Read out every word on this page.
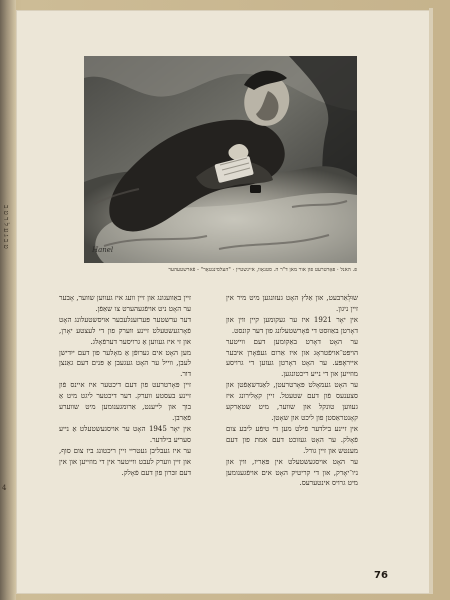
ט ב ג ע ל ר ט ב
4
Hanel
פ. האנל · פּאָרטרעט פון אור מאן ד"ר ה. סטנאָוו, איינשטיין · "העלסינגטאָר" - פֿארשטעהער

שוּלְאַרבעט, און אַלץ האָט געזונגען מיט מיר אין זיין ניגון.

אין יאָר 1921 איז ער געקומען קיין ווין און דאָרטן באַווּסט די פֿאָרשטעלונג פון דער קונסט.

ער האָט דאָרט באַקומען דעם ווייטער הויפּט־אויפֿטראָג און איז אַרום געפֿאָרן איבער אייראָפּע. ער האָט דאָרטן געזען די גרויסע מוזייען און די נייע ריכטונגען.

ער האָט געמאָלט פּאָרטרעטן, לאַנדשאַפֿטן און סצענעס פֿון דעם שטעטל. זיין קאָלירונג איז געווען טונקל און שווער, מיט שטאַרקע קאָנטראַסטן פון ליכט און שאָטן.

אין זיינע בילדער פֿילט מען די טיפֿע ליבע צום פֿאָלק. ער האָט געזוכט דעם אמת פון דעם מענטש און זיין גורל.

ער האָט אויסגעשטעלט אין פּאַריז, ווין און ניו־יאָרק, און די קריטיק האָט אים אויפֿגענומען מיט גרויס אינטערעס.

זיין באַוועגונג און זיין וועג איז געווען שווער, אָבער ער האָט ניט אויפֿגעהערט צו שאַפֿן.

דער ערשטער פּערזענלעכער אויסשטעלונג האָט פֿאָרגעשטעלט זיינע ווערק פון די לעצטע יאָרן, און זי איז געווען אַ גרויסער דערפֿאָלג.

מען האָט אים גערופֿן אַ מאָלער פון דעם ייִדישן לעבן, ווייל ער האָט געגעבן אַ פּנים דעם גאַנצן דור.

זיין פּאָרטרעט פון דעם דיכטער איז איינס פֿון זיינע בעסטע ווערק. דער דיכטער ליגט מיט אַ בוך און לייענט, אַרומגענומען מיט שווערע פֿאַרבן.

אין יאָר 1945 האָט ער אויסגעשטעלט אַ נייע סעריע בילדער.

ער איז געבליבן געטריי זיין ריכטונג ביז צום סוף, און זיין ווערק לעבט ווייטער אין די מוזייען און אין דעם זכּרון פון דעם פֿאָלק.

76
